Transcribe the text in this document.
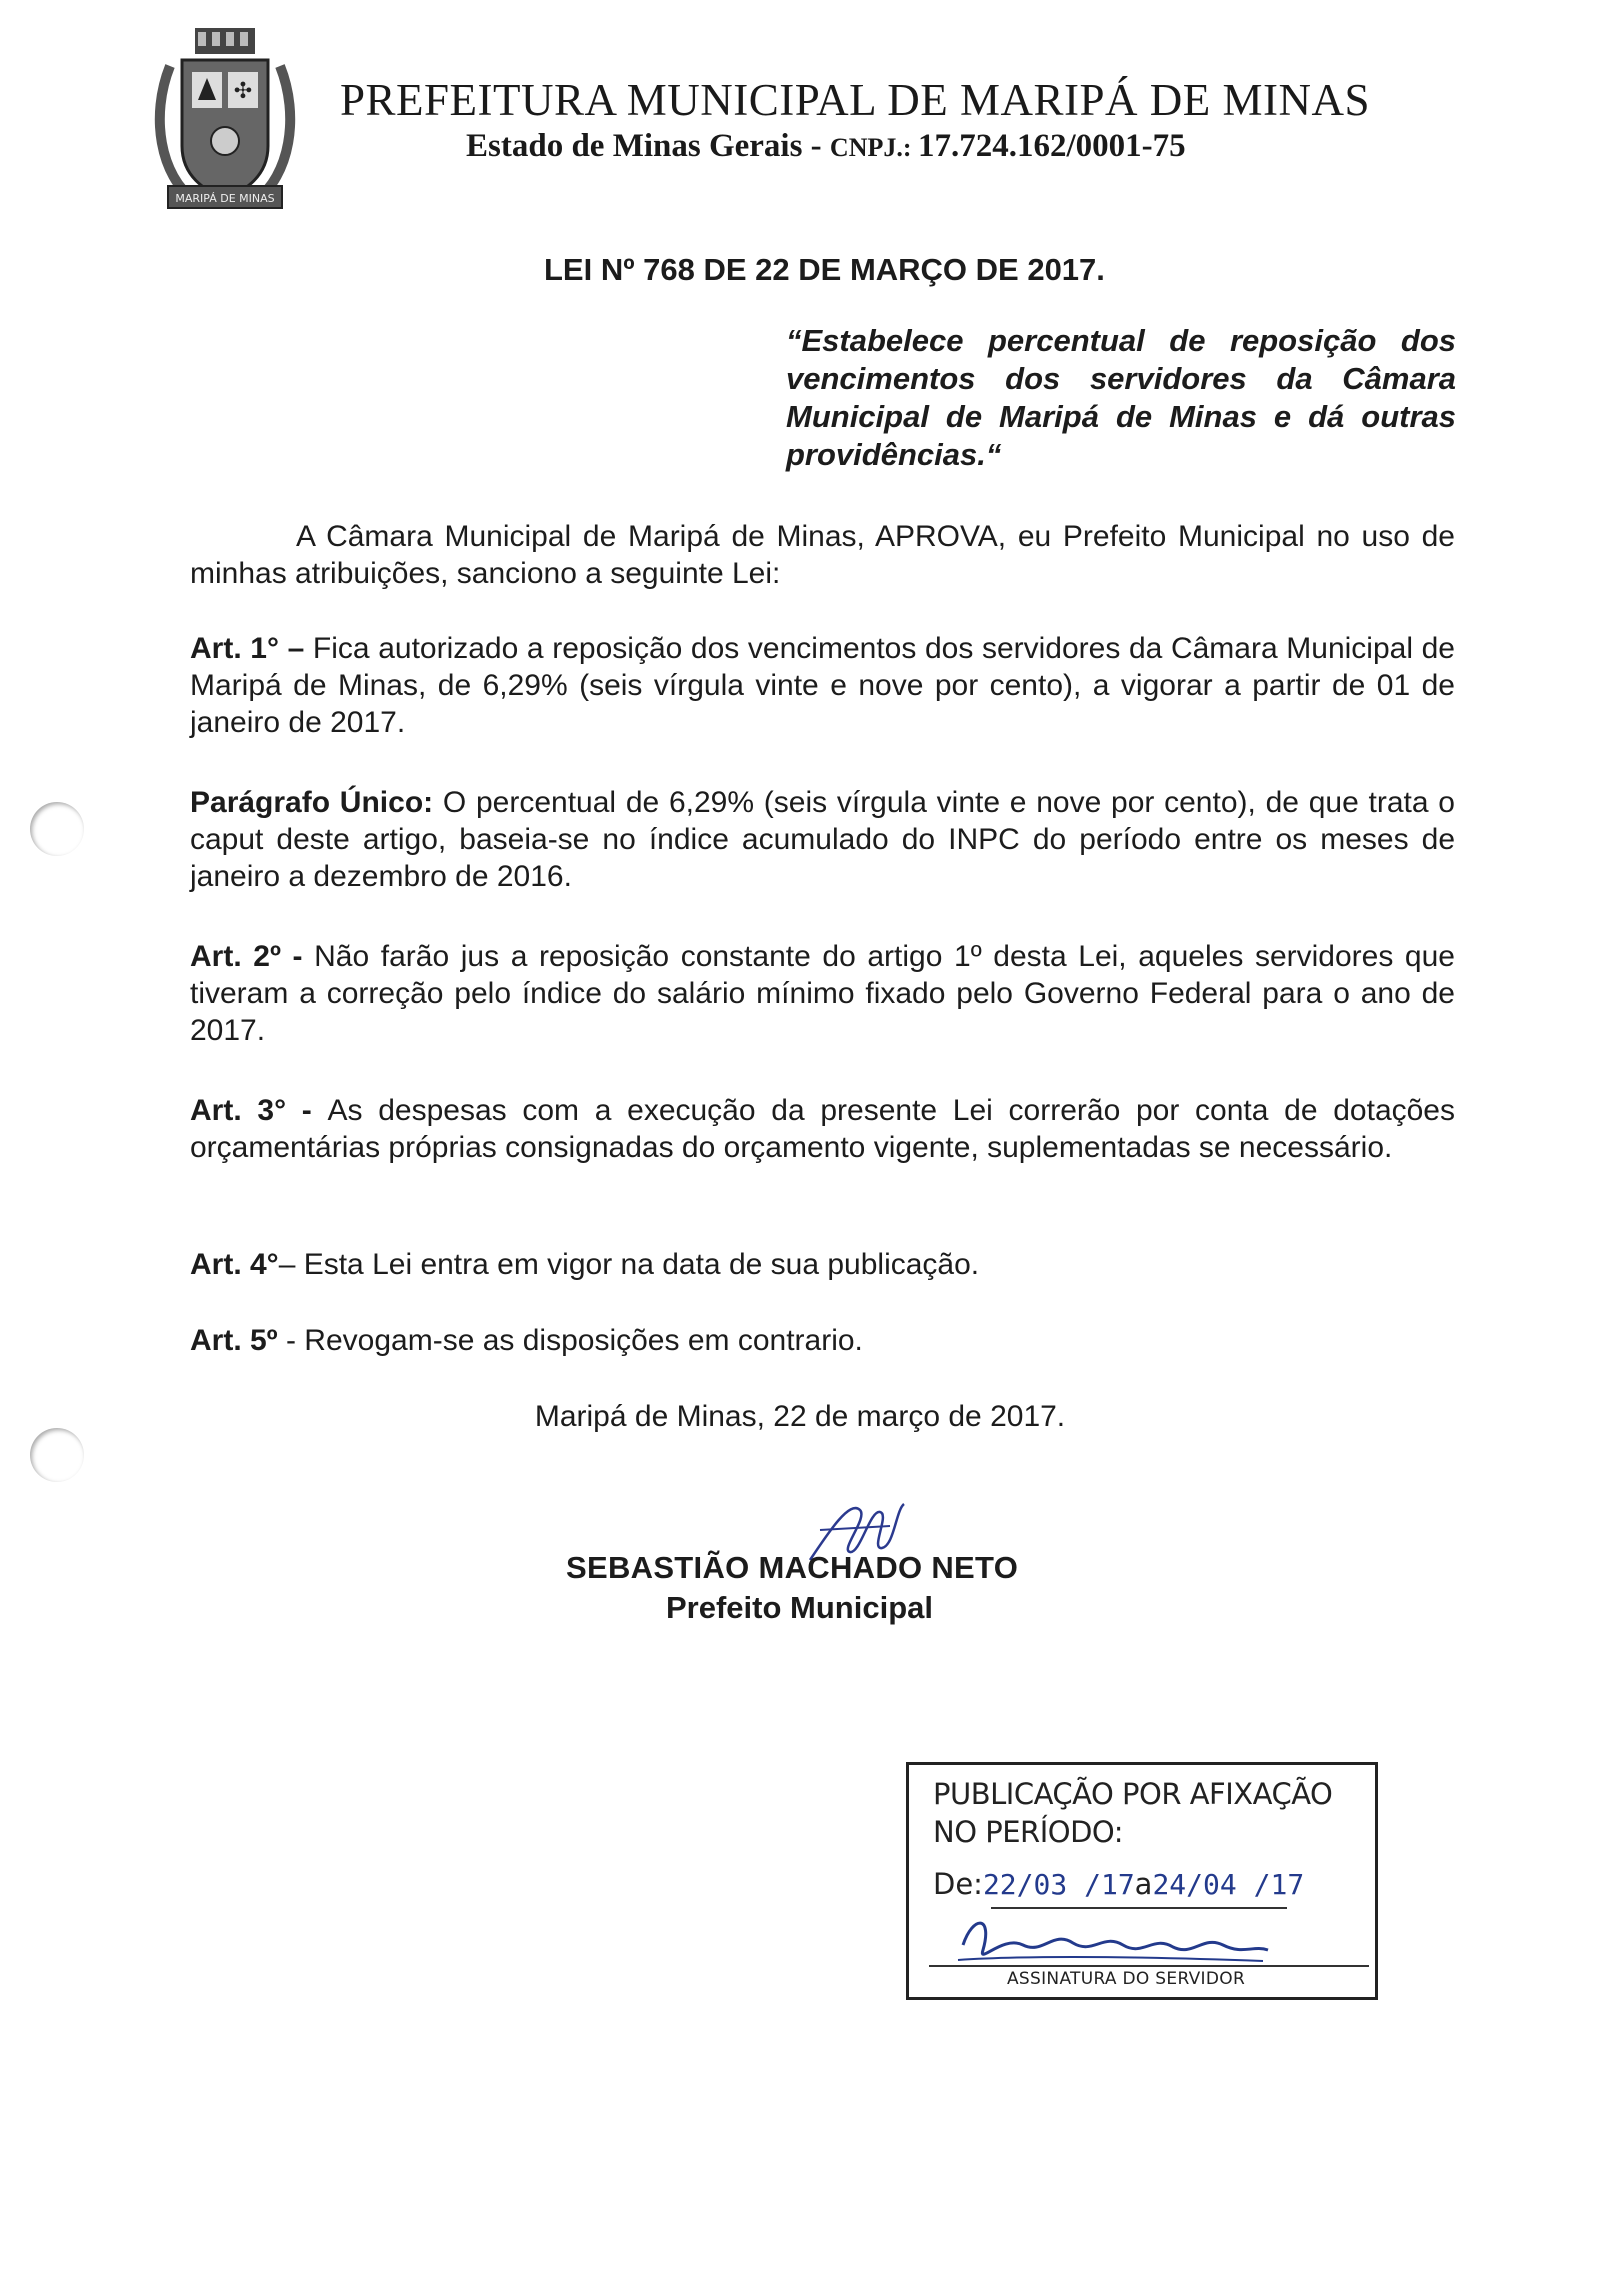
✣
MARIPÁ DE MINAS
PREFEITURA MUNICIPAL DE MARIPÁ DE MINAS
Estado de Minas Gerais - CNPJ.: 17.724.162/0001-75
LEI Nº 768 DE 22 DE MARÇO DE 2017.
“Estabelece percentual de reposição dos vencimentos dos servidores da Câmara Municipal de Maripá de Minas e dá outras providências.“
A Câmara Municipal de Maripá de Minas, APROVA, eu Prefeito Municipal no uso de minhas atribuições, sanciono a seguinte Lei:
Art. 1° – Fica autorizado a reposição dos vencimentos dos servidores da Câmara Municipal de Maripá de Minas, de 6,29% (seis vírgula vinte e nove por cento), a vigorar a partir de 01 de janeiro de 2017.
Parágrafo Único: O percentual de 6,29% (seis vírgula vinte e nove por cento), de que trata o caput deste artigo, baseia-se no índice acumulado do INPC do período entre os meses de janeiro a dezembro de 2016.
Art. 2º - Não farão jus a reposição constante do artigo 1º desta Lei, aqueles servidores que tiveram a correção pelo índice do salário mínimo fixado pelo Governo Federal para o ano de 2017.
Art. 3° - As despesas com a execução da presente Lei correrão por conta de dotações orçamentárias próprias consignadas do orçamento vigente, suplementadas se necessário.
Art. 4°– Esta Lei entra em vigor na data de sua publicação.
Art. 5º - Revogam-se as disposições em contrario.
Maripá de Minas, 22 de março de 2017.
SEBASTIÃO MACHADO NETO
Prefeito Municipal
PUBLICAÇÃO POR AFIXAÇÃO
NO PERÍODO:
De:22/03 /17a24/04 /17
ASSINATURA DO SERVIDOR
